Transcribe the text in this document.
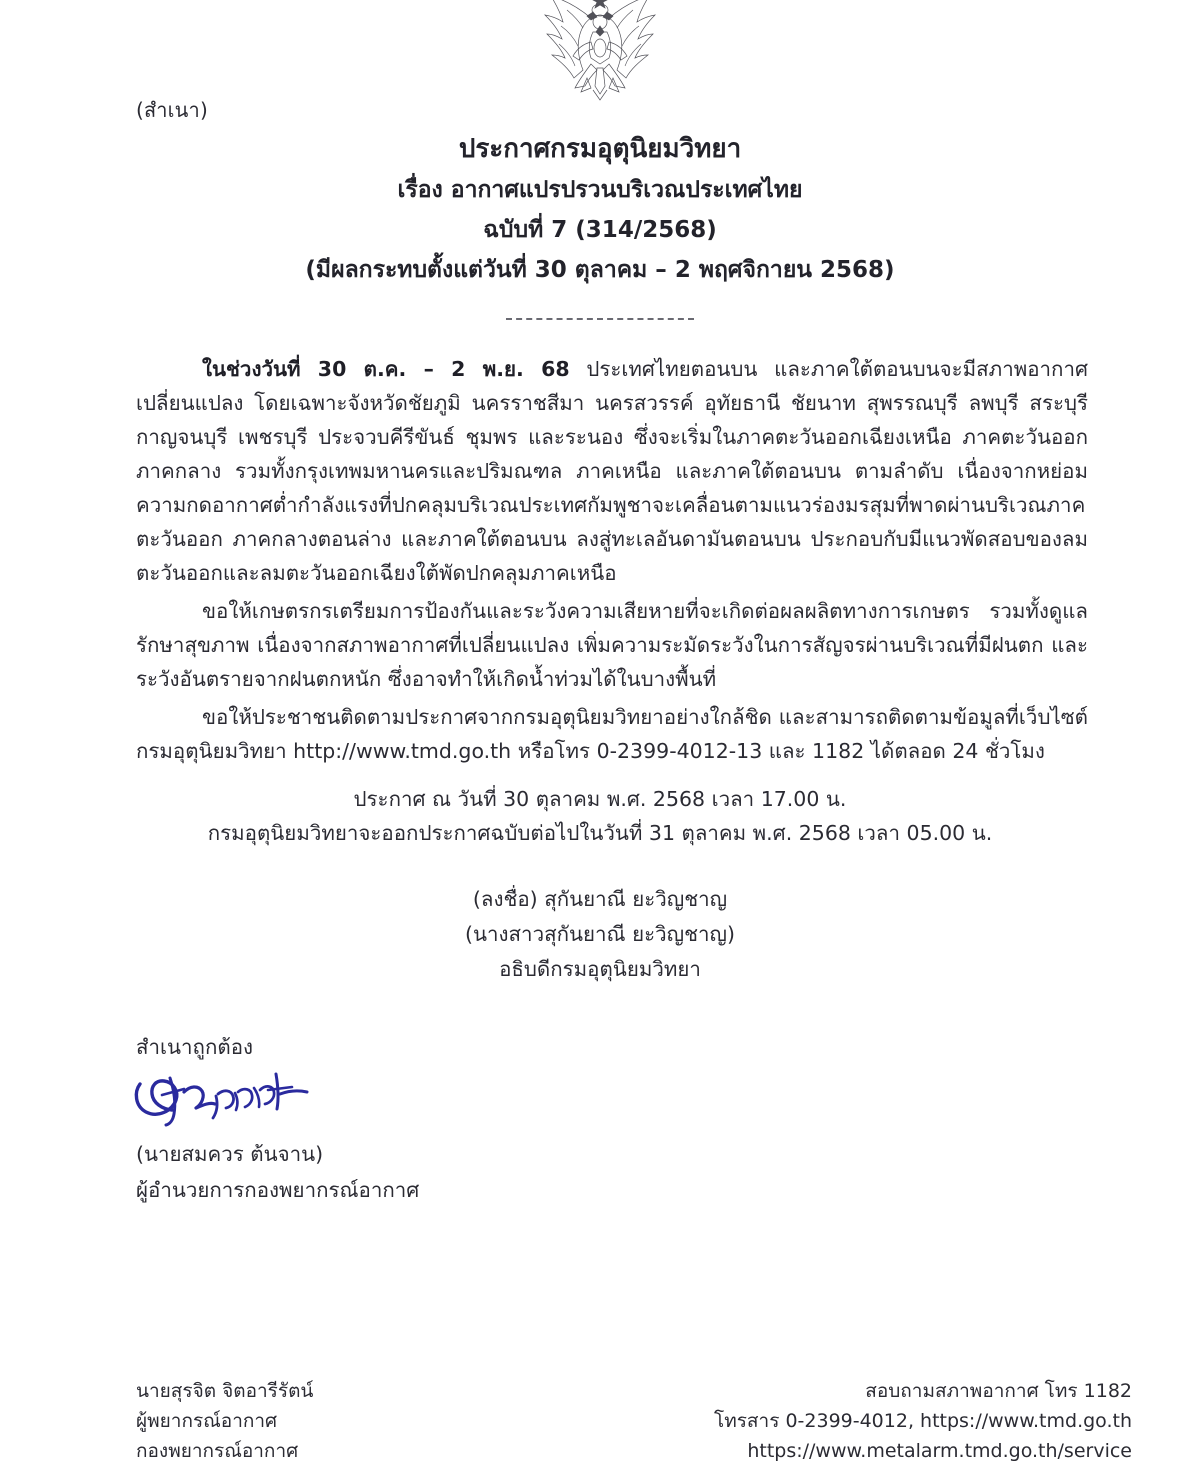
(สำเนา)
ประกาศกรมอุตุนิยมวิทยา
เรื่อง อากาศแปรปรวนบริเวณประเทศไทย
ฉบับที่ 7 (314/2568)
(มีผลกระทบตั้งแต่วันที่ 30 ตุลาคม – 2 พฤศจิกายน 2568)

ในช่วงวันที่ 30 ต.ค. – 2 พ.ย. 68 ประเทศไทยตอนบน และภาคใต้ตอนบนจะมีสภาพอากาศเปลี่ยนแปลง โดยเฉพาะจังหวัดชัยภูมิ นครราชสีมา นครสวรรค์ อุทัยธานี ชัยนาท สุพรรณบุรี ลพบุรี สระบุรี กาญจนบุรี เพชรบุรี ประจวบคีรีขันธ์ ชุมพร และระนอง ซึ่งจะเริ่มในภาคตะวันออกเฉียงเหนือ ภาคตะวันออก ภาคกลาง รวมทั้งกรุงเทพมหานครและปริมณฑล ภาคเหนือ และภาคใต้ตอนบน ตามลำดับ เนื่องจากหย่อมความกดอากาศต่ำกำลังแรงที่ปกคลุมบริเวณประเทศกัมพูชาจะเคลื่อนตามแนวร่องมรสุมที่พาดผ่านบริเวณภาคตะวันออก ภาคกลางตอนล่าง และภาคใต้ตอนบน ลงสู่ทะเลอันดามันตอนบน ประกอบกับมีแนวพัดสอบของลมตะวันออกและลมตะวันออกเฉียงใต้พัดปกคลุมภาคเหนือ

ขอให้เกษตรกรเตรียมการป้องกันและระวังความเสียหายที่จะเกิดต่อผลผลิตทางการเกษตร รวมทั้งดูแลรักษาสุขภาพ เนื่องจากสภาพอากาศที่เปลี่ยนแปลง เพิ่มความระมัดระวังในการสัญจรผ่านบริเวณที่มีฝนตก และระวังอันตรายจากฝนตกหนัก ซึ่งอาจทำให้เกิดน้ำท่วมได้ในบางพื้นที่

ขอให้ประชาชนติดตามประกาศจากกรมอุตุนิยมวิทยาอย่างใกล้ชิด และสามารถติดตามข้อมูลที่เว็บไซต์กรมอุตุนิยมวิทยา http://www.tmd.go.th หรือโทร 0-2399-4012-13 และ 1182 ได้ตลอด 24 ชั่วโมง

ประกาศ ณ วันที่ 30 ตุลาคม พ.ศ. 2568 เวลา 17.00 น.
กรมอุตุนิยมวิทยาจะออกประกาศฉบับต่อไปในวันที่ 31 ตุลาคม พ.ศ. 2568 เวลา 05.00 น.
(ลงชื่อ) สุกันยาณี ยะวิญชาญ
(นางสาวสุกันยาณี ยะวิญชาญ)
อธิบดีกรมอุตุนิยมวิทยา
สำเนาถูกต้อง
(นายสมควร ต้นจาน)
ผู้อำนวยการกองพยากรณ์อากาศ
นายสุรจิต จิตอารีรัตน์
ผู้พยากรณ์อากาศ
กองพยากรณ์อากาศ
สอบถามสภาพอากาศ โทร 1182
โทรสาร 0-2399-4012, https://www.tmd.go.th
https://www.metalarm.tmd.go.th/service
